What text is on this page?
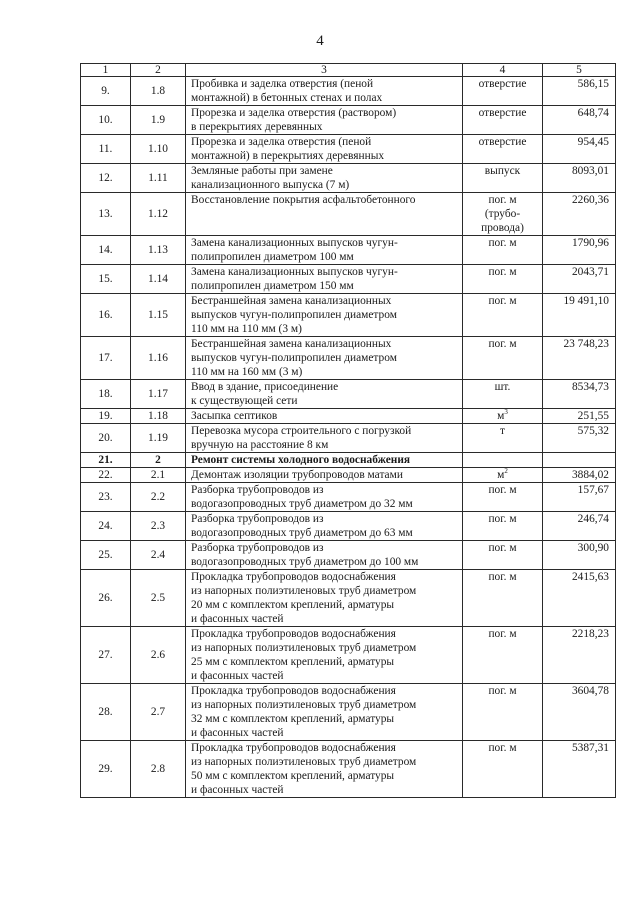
4
1	2	3	4	5
9.	1.8	Пробивка и заделка отверстия (пеной
монтажной) в бетонных стенах и полах	отверстие	586,15
10.	1.9	Прорезка и заделка отверстия (раствором)
в перекрытиях деревянных	отверстие	648,74
11.	1.10	Прорезка и заделка отверстия (пеной
монтажной) в перекрытиях деревянных	отверстие	954,45
12.	1.11	Земляные работы при замене
канализационного выпуска (7 м)	выпуск	8093,01
13.	1.12	Восстановление покрытия асфальтобетонного	пог. м
(трубо-
провода)	2260,36
14.	1.13	Замена канализационных выпусков чугун-
полипропилен диаметром 100 мм	пог. м	1790,96
15.	1.14	Замена канализационных выпусков чугун-
полипропилен диаметром 150 мм	пог. м	2043,71
16.	1.15	Бестраншейная замена канализационных
выпусков чугун-полипропилен диаметром
110 мм на 110 мм (3 м)	пог. м	19 491,10
17.	1.16	Бестраншейная замена канализационных
выпусков чугун-полипропилен диаметром
110 мм на 160 мм (3 м)	пог. м	23 748,23
18.	1.17	Ввод в здание, присоединение
к существующей сети	шт.	8534,73
19.	1.18	Засыпка септиков	$м^3$	251,55
20.	1.19	Перевозка мусора строительного с погрузкой
вручную на расстояние 8 км	т	575,32
21.	2	Ремонт системы холодного водоснабжения		

22.	2.1	Демонтаж изоляции трубопроводов матами	$м^2$	3884,02
23.	2.2	Разборка трубопроводов из
водогазопроводных труб диаметром до 32 мм	пог. м	157,67
24.	2.3	Разборка трубопроводов из
водогазопроводных труб диаметром до 63 мм	пог. м	246,74
25.	2.4	Разборка трубопроводов из
водогазопроводных труб диаметром до 100 мм	пог. м	300,90
26.	2.5	Прокладка трубопроводов водоснабжения
из напорных полиэтиленовых труб диаметром
20 мм с комплектом креплений, арматуры
и фасонных частей	пог. м	2415,63
27.	2.6	Прокладка трубопроводов водоснабжения
из напорных полиэтиленовых труб диаметром
25 мм с комплектом креплений, арматуры
и фасонных частей	пог. м	2218,23
28.	2.7	Прокладка трубопроводов водоснабжения
из напорных полиэтиленовых труб диаметром
32 мм с комплектом креплений, арматуры
и фасонных частей	пог. м	3604,78
29.	2.8	Прокладка трубопроводов водоснабжения
из напорных полиэтиленовых труб диаметром
50 мм с комплектом креплений, арматуры
и фасонных частей	пог. м	5387,31
